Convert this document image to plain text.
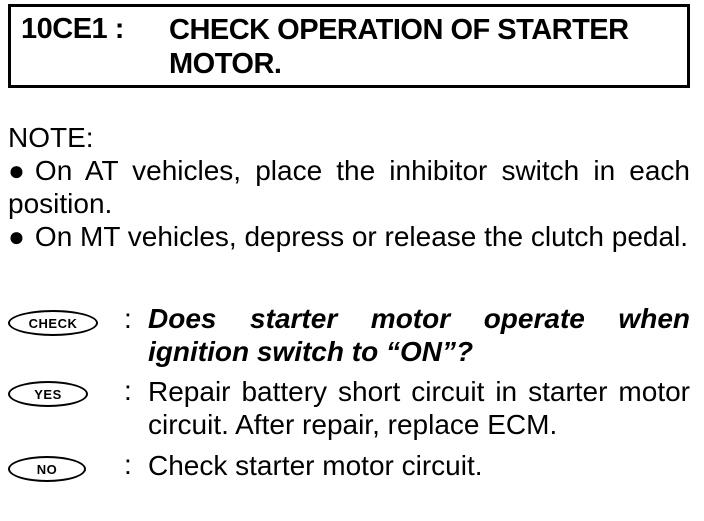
10CE1 : CHECK OPERATION OF STARTER MOTOR.
NOTE:
● On AT vehicles, place the inhibitor switch in each position.
● On MT vehicles, depress or release the clutch pedal.
CHECK	: Does starter motor operate when ignition switch to “ON”?
YES	: Repair battery short circuit in starter motor circuit. After repair, replace ECM.
NO	: Check starter motor circuit.
